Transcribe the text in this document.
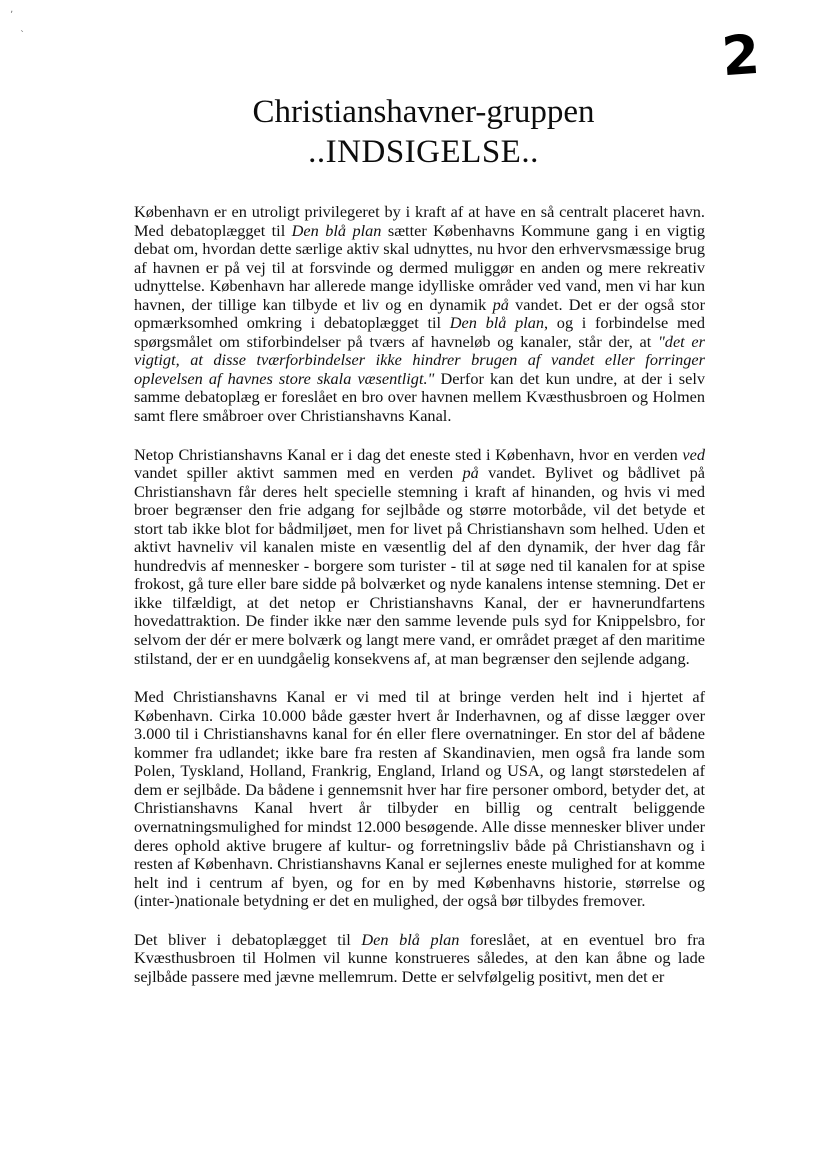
2
Christianshavner-gruppen
..INDSIGELSE..

København er en utroligt privilegeret by i kraft af at have en så centralt placeret havn. Med debatoplægget til Den blå plan sætter Københavns Kommune gang i en vigtig debat om, hvordan dette særlige aktiv skal udnyttes, nu hvor den erhvervsmæssige brug af havnen er på vej til at forsvinde og dermed muliggør en anden og mere rekreativ udnyttelse. København har allerede mange idylliske områder ved vand, men vi har kun havnen, der tillige kan tilbyde et liv og en dynamik på vandet. Det er der også stor opmærksomhed omkring i debatoplægget til Den blå plan, og i forbindelse med spørgsmålet om stiforbindelser på tværs af havneløb og kanaler, står der, at "det er vigtigt, at disse tværforbindelser ikke hindrer brugen af vandet eller forringer oplevelsen af havnes store skala væsentligt." Derfor kan det kun undre, at der i selv samme debatoplæg er foreslået en bro over havnen mellem Kvæsthusbroen og Holmen samt flere småbroer over Christianshavns Kanal.

Netop Christianshavns Kanal er i dag det eneste sted i København, hvor en verden ved vandet spiller aktivt sammen med en verden på vandet. Bylivet og bådlivet på Christianshavn får deres helt specielle stemning i kraft af hinanden, og hvis vi med broer begrænser den frie adgang for sejlbåde og større motorbåde, vil det betyde et stort tab ikke blot for bådmiljøet, men for livet på Christianshavn som helhed. Uden et aktivt havneliv vil kanalen miste en væsentlig del af den dynamik, der hver dag får hundredvis af mennesker - borgere som turister - til at søge ned til kanalen for at spise frokost, gå ture eller bare sidde på bolværket og nyde kanalens intense stemning. Det er ikke tilfældigt, at det netop er Christianshavns Kanal, der er havnerundfartens hovedattraktion. De finder ikke nær den samme levende puls syd for Knippelsbro, for selvom der dér er mere bolværk og langt mere vand, er området præget af den maritime stilstand, der er en uundgåelig konsekvens af, at man begrænser den sejlende adgang.

Med Christianshavns Kanal er vi med til at bringe verden helt ind i hjertet af København. Cirka 10.000 både gæster hvert år Inderhavnen, og af disse lægger over 3.000 til i Christianshavns kanal for én eller flere overnatninger. En stor del af bådene kommer fra udlandet; ikke bare fra resten af Skandinavien, men også fra lande som Polen, Tyskland, Holland, Frankrig, England, Irland og USA, og langt størstedelen af dem er sejlbåde. Da bådene i gennemsnit hver har fire personer ombord, betyder det, at Christianshavns Kanal hvert år tilbyder en billig og centralt beliggende overnatningsmulighed for mindst 12.000 besøgende. Alle disse mennesker bliver under deres ophold aktive brugere af kultur- og forretningsliv både på Christianshavn og i resten af København. Christianshavns Kanal er sejlernes eneste mulighed for at komme helt ind i centrum af byen, og for en by med Københavns historie, størrelse og (inter-)nationale betydning er det en mulighed, der også bør tilbydes fremover.

Det bliver i debatoplægget til Den blå plan foreslået, at en eventuel bro fra Kvæsthusbroen til Holmen vil kunne konstrueres således, at den kan åbne og lade sejlbåde passere med jævne mellemrum. Dette er selvfølgelig positivt, men det er

ʼ
ˋ
